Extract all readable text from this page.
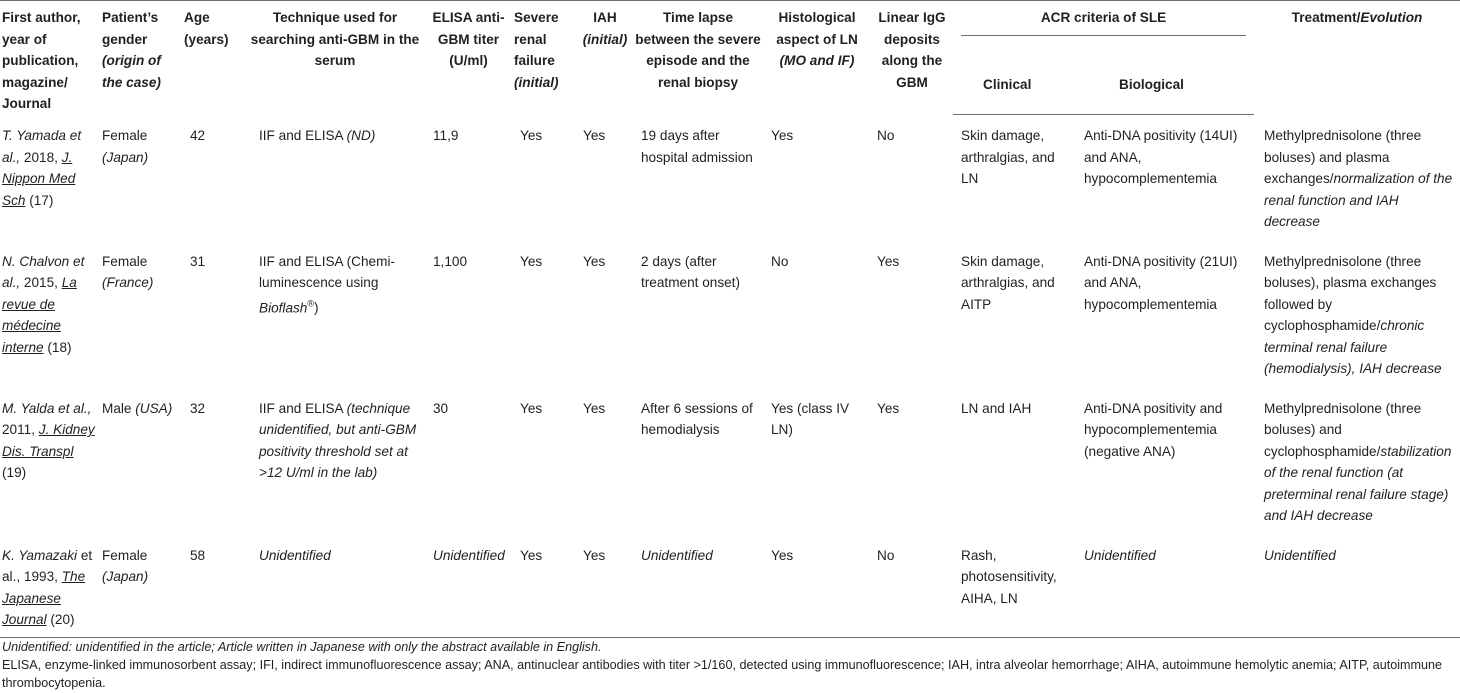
First author, year of publication, magazine/ Journal	Patient’s gender (origin of the case)	Age (years)	Technique used for searching anti-GBM in the serum	ELISA anti-GBM titer (U/ml)	Severe renal failure (initial)	IAH (initial)	Time lapse between the severe episode and the renal biopsy	Histological aspect of LN (MO and IF)	Linear IgG deposits along the GBM	ACR criteria of SLE		Treatment/Evolution
										Clinical	Biological	

T. Yamada et al., 2018, J. Nippon Med Sch (17)	Female (Japan)	42	IIF and ELISA (ND)	11,9	Yes	Yes	19 days after hospital admission	Yes	No	Skin damage, arthralgias, and LN	Anti-DNA positivity (14UI) and ANA, hypocomplementemia	Methylprednisolone (three boluses) and plasma exchanges/normalization of the renal function and IAH decrease
N. Chalvon et al., 2015, La revue de médecine interne (18)	Female (France)	31	IIF and ELISA (Chemi-luminescence using Bioflash®)	1,100	Yes	Yes	2 days (after treatment onset)	No	Yes	Skin damage, arthralgias, and AITP	Anti-DNA positivity (21UI) and ANA, hypocomplementemia	Methylprednisolone (three boluses), plasma exchanges followed by cyclophosphamide/chronic terminal renal failure (hemodialysis), IAH decrease
M. Yalda et al., 2011, J. Kidney Dis. Transpl (19)	Male (USA)	32	IIF and ELISA (technique unidentified, but anti-GBM positivity threshold set at >12 U/ml in the lab)	30	Yes	Yes	After 6 sessions of hemodialysis	Yes (class IV LN)	Yes	LN and IAH	Anti-DNA positivity and hypocomplementemia (negative ANA)	Methylprednisolone (three boluses) and cyclophosphamide/stabilization of the renal function (at preterminal renal failure stage) and IAH decrease
K. Yamazaki et al., 1993, The Japanese Journal (20)	Female (Japan)	58	Unidentified	Unidentified	Yes	Yes	Unidentified	Yes	No	Rash, photosensitivity, AIHA, LN	Unidentified	Unidentified

Unidentified: unidentified in the article; Article written in Japanese with only the abstract available in English.

ELISA, enzyme-linked immunosorbent assay; IFI, indirect immunofluorescence assay; ANA, antinuclear antibodies with titer >1/160, detected using immunofluorescence; IAH, intra alveolar hemorrhage; AIHA, autoimmune hemolytic anemia; AITP, autoimmune thrombocytopenia.
